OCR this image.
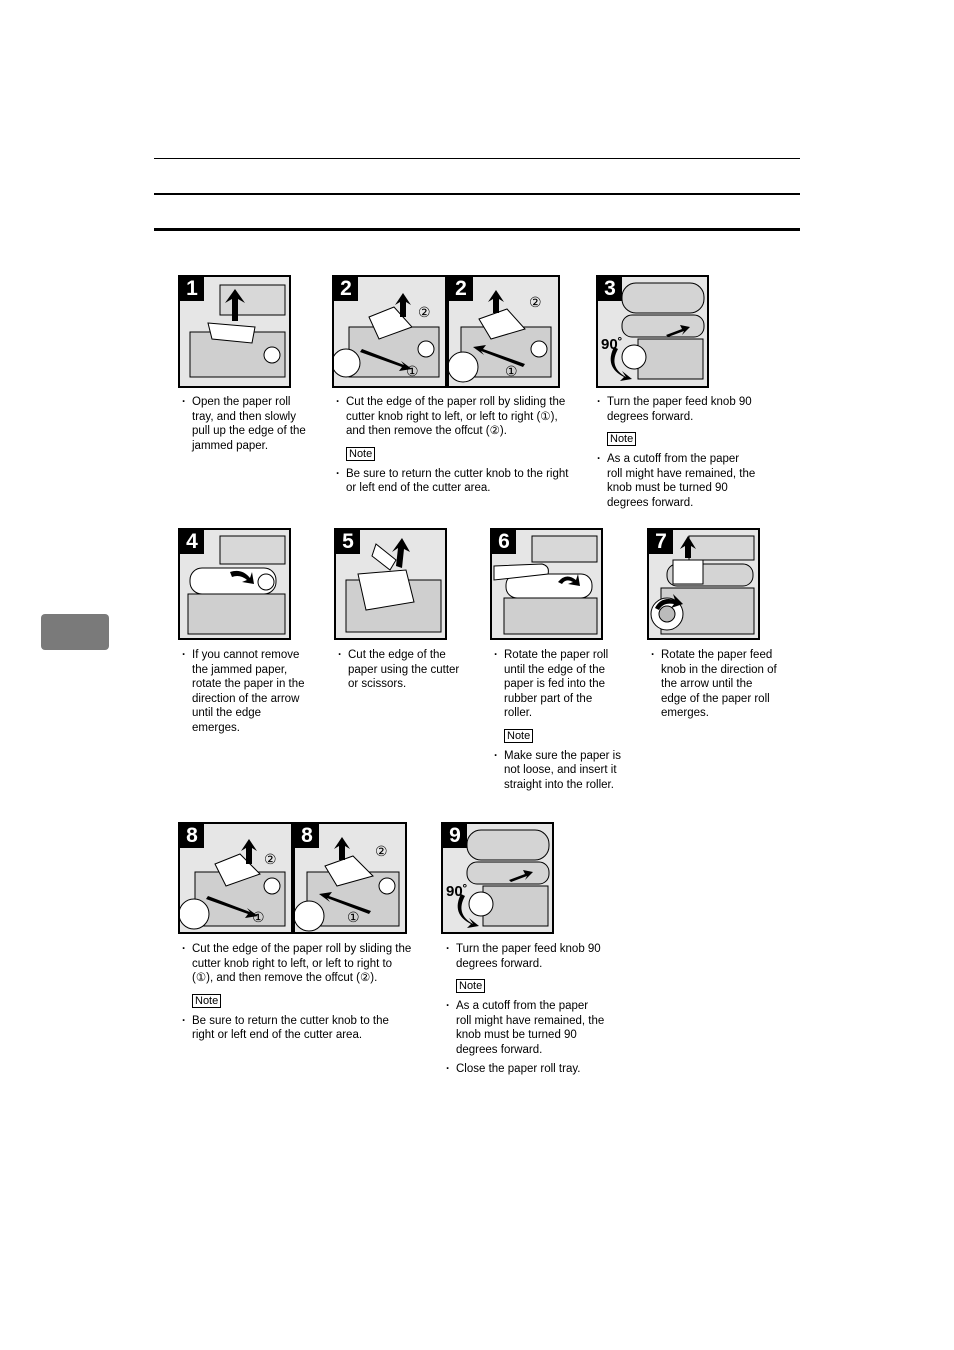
1
· Open the paper roll tray, and then slowly pull up the edge of the jammed paper.
2
②
①
2
②
①
· Cut the edge of the paper roll by sliding the cutter knob right to left, or left to right (①), and then remove the offcut (②).
Note
· Be sure to return the cutter knob to the right or left end of the cutter area.
3
90˚
· Turn the paper feed knob 90 degrees forward.
Note
· As a cutoff from the paper roll might have remained, the knob must be turned 90 degrees forward.
4
· If you cannot remove the jammed paper, rotate the paper in the direction of the arrow until the edge emerges.
5
· Cut the edge of the paper using the cutter or scissors.
6
· Rotate the paper roll until the edge of the paper is fed into the rubber part of the roller.
Note
· Make sure the paper is not loose, and insert it straight into the roller.
7
· Rotate the paper feed knob in the direction of the arrow until the edge of the paper roll emerges.
8
②
①
8
②
①
· Cut the edge of the paper roll by sliding the cutter knob right to left, or left to right to (①), and then remove the offcut (②).
Note
· Be sure to return the cutter knob to the right or left end of the cutter area.
9
90˚
· Turn the paper feed knob 90 degrees forward.
Note
· As a cutoff from the paper roll might have remained, the knob must be turned 90 degrees forward.
· Close the paper roll tray.
